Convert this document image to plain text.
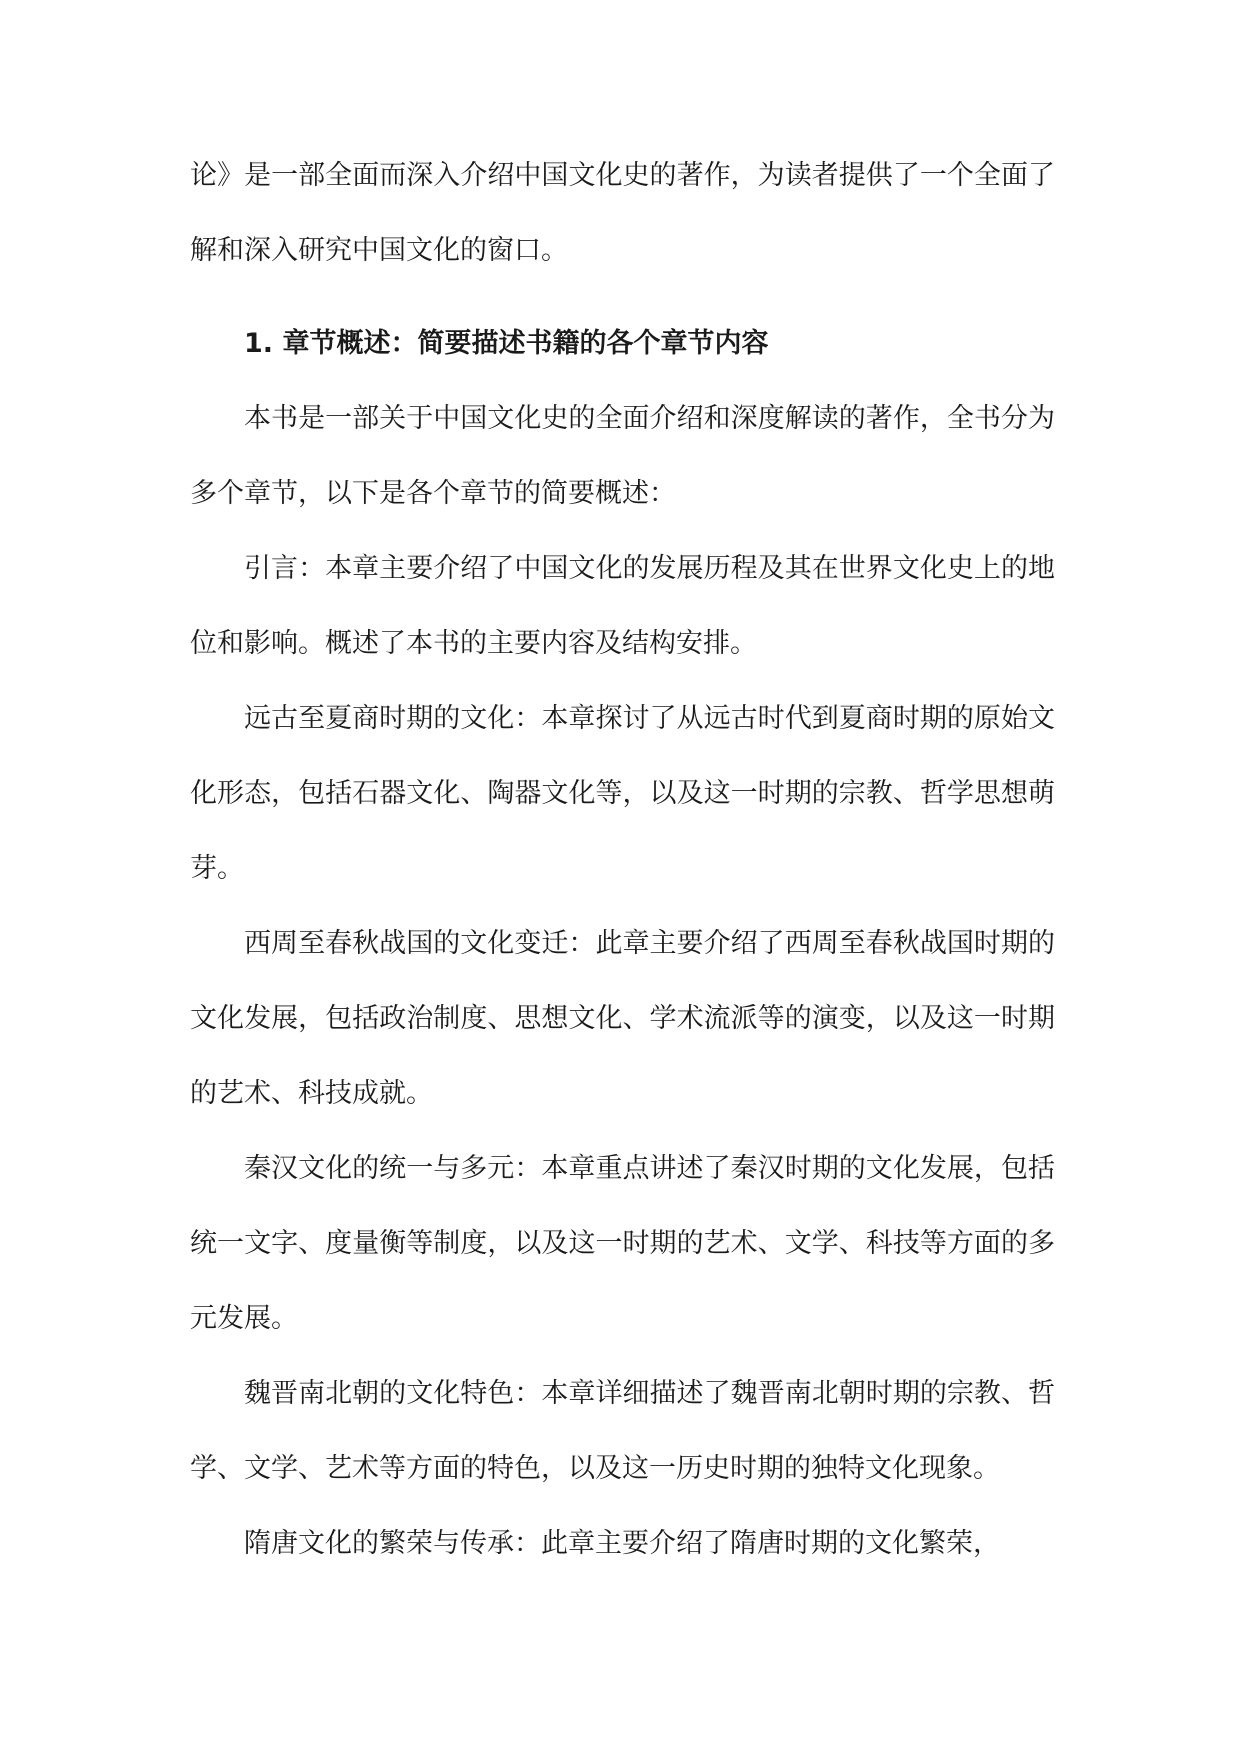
论》是一部全面而深入介绍中国文化史的著作，为读者提供了一个全面了解和深入研究中国文化的窗口。

1. 章节概述：简要描述书籍的各个章节内容

本书是一部关于中国文化史的全面介绍和深度解读的著作，全书分为多个章节，以下是各个章节的简要概述：

引言：本章主要介绍了中国文化的发展历程及其在世界文化史上的地位和影响。概述了本书的主要内容及结构安排。

远古至夏商时期的文化：本章探讨了从远古时代到夏商时期的原始文化形态，包括石器文化、陶器文化等，以及这一时期的宗教、哲学思想萌芽。

西周至春秋战国的文化变迁：此章主要介绍了西周至春秋战国时期的文化发展，包括政治制度、思想文化、学术流派等的演变，以及这一时期的艺术、科技成就。

秦汉文化的统一与多元：本章重点讲述了秦汉时期的文化发展，包括统一文字、度量衡等制度，以及这一时期的艺术、文学、科技等方面的多元发展。

魏晋南北朝的文化特色：本章详细描述了魏晋南北朝时期的宗教、哲学、文学、艺术等方面的特色，以及这一历史时期的独特文化现象。

隋唐文化的繁荣与传承：此章主要介绍了隋唐时期的文化繁荣，
